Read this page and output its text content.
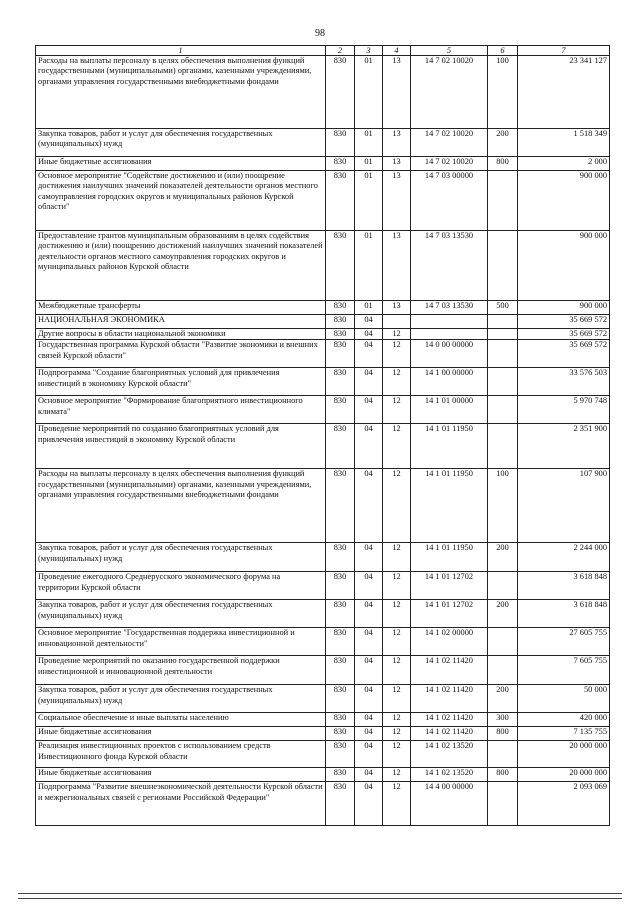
98
1	2	3	4	5	6	7
Расходы на выплаты персоналу в целях обеспечения выполнения функций государственными (муниципальными) органами, казенными учреждениями, органами управления государственными внебюджетными фондами	830	01	13	14 7 02 10020	100	23 341 127
Закупка товаров, работ и услуг для обеспечения государственных (муниципальных) нужд	830	01	13	14 7 02 10020	200	1 518 349
Иные бюджетные ассигнования	830	01	13	14 7 02 10020	800	2 000
Основное мероприятие "Содействие достижению и (или) поощрение достижения наилучших значений показателей деятельности органов местного самоуправления городских округов и муниципальных районов Курской области"	830	01	13	14 7 03 00000		900 000
Предоставление грантов муниципальным образованиям в целях содействия достижению и (или) поощрению достижений наилучших значений показателей деятельности органов местного самоуправления городских округов и муниципальных районов Курской области	830	01	13	14 7 03 13530		900 000
Межбюджетные трансферты	830	01	13	14 7 03 13530	500	900 000
НАЦИОНАЛЬНАЯ ЭКОНОМИКА	830	04				35 669 572
Другие вопросы в области национальной экономики	830	04	12			35 669 572
Государственная программа Курской области "Развитие экономики и внешних связей Курской области"	830	04	12	14 0 00 00000		35 669 572
Подпрограмма "Создание благоприятных условий для привлечения инвестиций в экономику Курской области"	830	04	12	14 1 00 00000		33 576 503
Основное мероприятие "Формирование благоприятного инвестиционного климата"	830	04	12	14 1 01 00000		5 970 748
Проведение мероприятий по созданию благоприятных условий для привлечения инвестиций в экономику Курской области	830	04	12	14 1 01 11950		2 351 900
Расходы на выплаты персоналу в целях обеспечения выполнения функций государственными (муниципальными) органами, казенными учреждениями, органами управления государственными внебюджетными фондами	830	04	12	14 1 01 11950	100	107 900
Закупка товаров, работ и услуг для обеспечения государственных (муниципальных) нужд	830	04	12	14 1 01 11950	200	2 244 000
Проведение ежегодного Среднерусского экономического форума на территории Курской области	830	04	12	14 1 01 12702		3 618 848
Закупка товаров, работ и услуг для обеспечения государственных (муниципальных) нужд	830	04	12	14 1 01 12702	200	3 618 848
Основное мероприятие "Государственная поддержка инвестиционной и инновационной деятельности"	830	04	12	14 1 02 00000		27 605 755
Проведение мероприятий по оказанию государственной поддержки инвестиционной и инновационной деятельности	830	04	12	14 1 02 11420		7 605 755
Закупка товаров, работ и услуг для обеспечения государственных (муниципальных) нужд	830	04	12	14 1 02 11420	200	50 000
Социальное обеспечение и иные выплаты населению	830	04	12	14 1 02 11420	300	420 000
Иные бюджетные ассигнования	830	04	12	14 1 02 11420	800	7 135 755
Реализация инвестиционных проектов с использованием средств Инвестиционного фонда Курской области	830	04	12	14 1 02 13520		20 000 000
Иные бюджетные ассигнования	830	04	12	14 1 02 13520	800	20 000 000
Подпрограмма "Развитие внешнеэкономической деятельности Курской области и межрегиональных связей с регионами Российской Федерации"	830	04	12	14 4 00 00000		2 093 069
